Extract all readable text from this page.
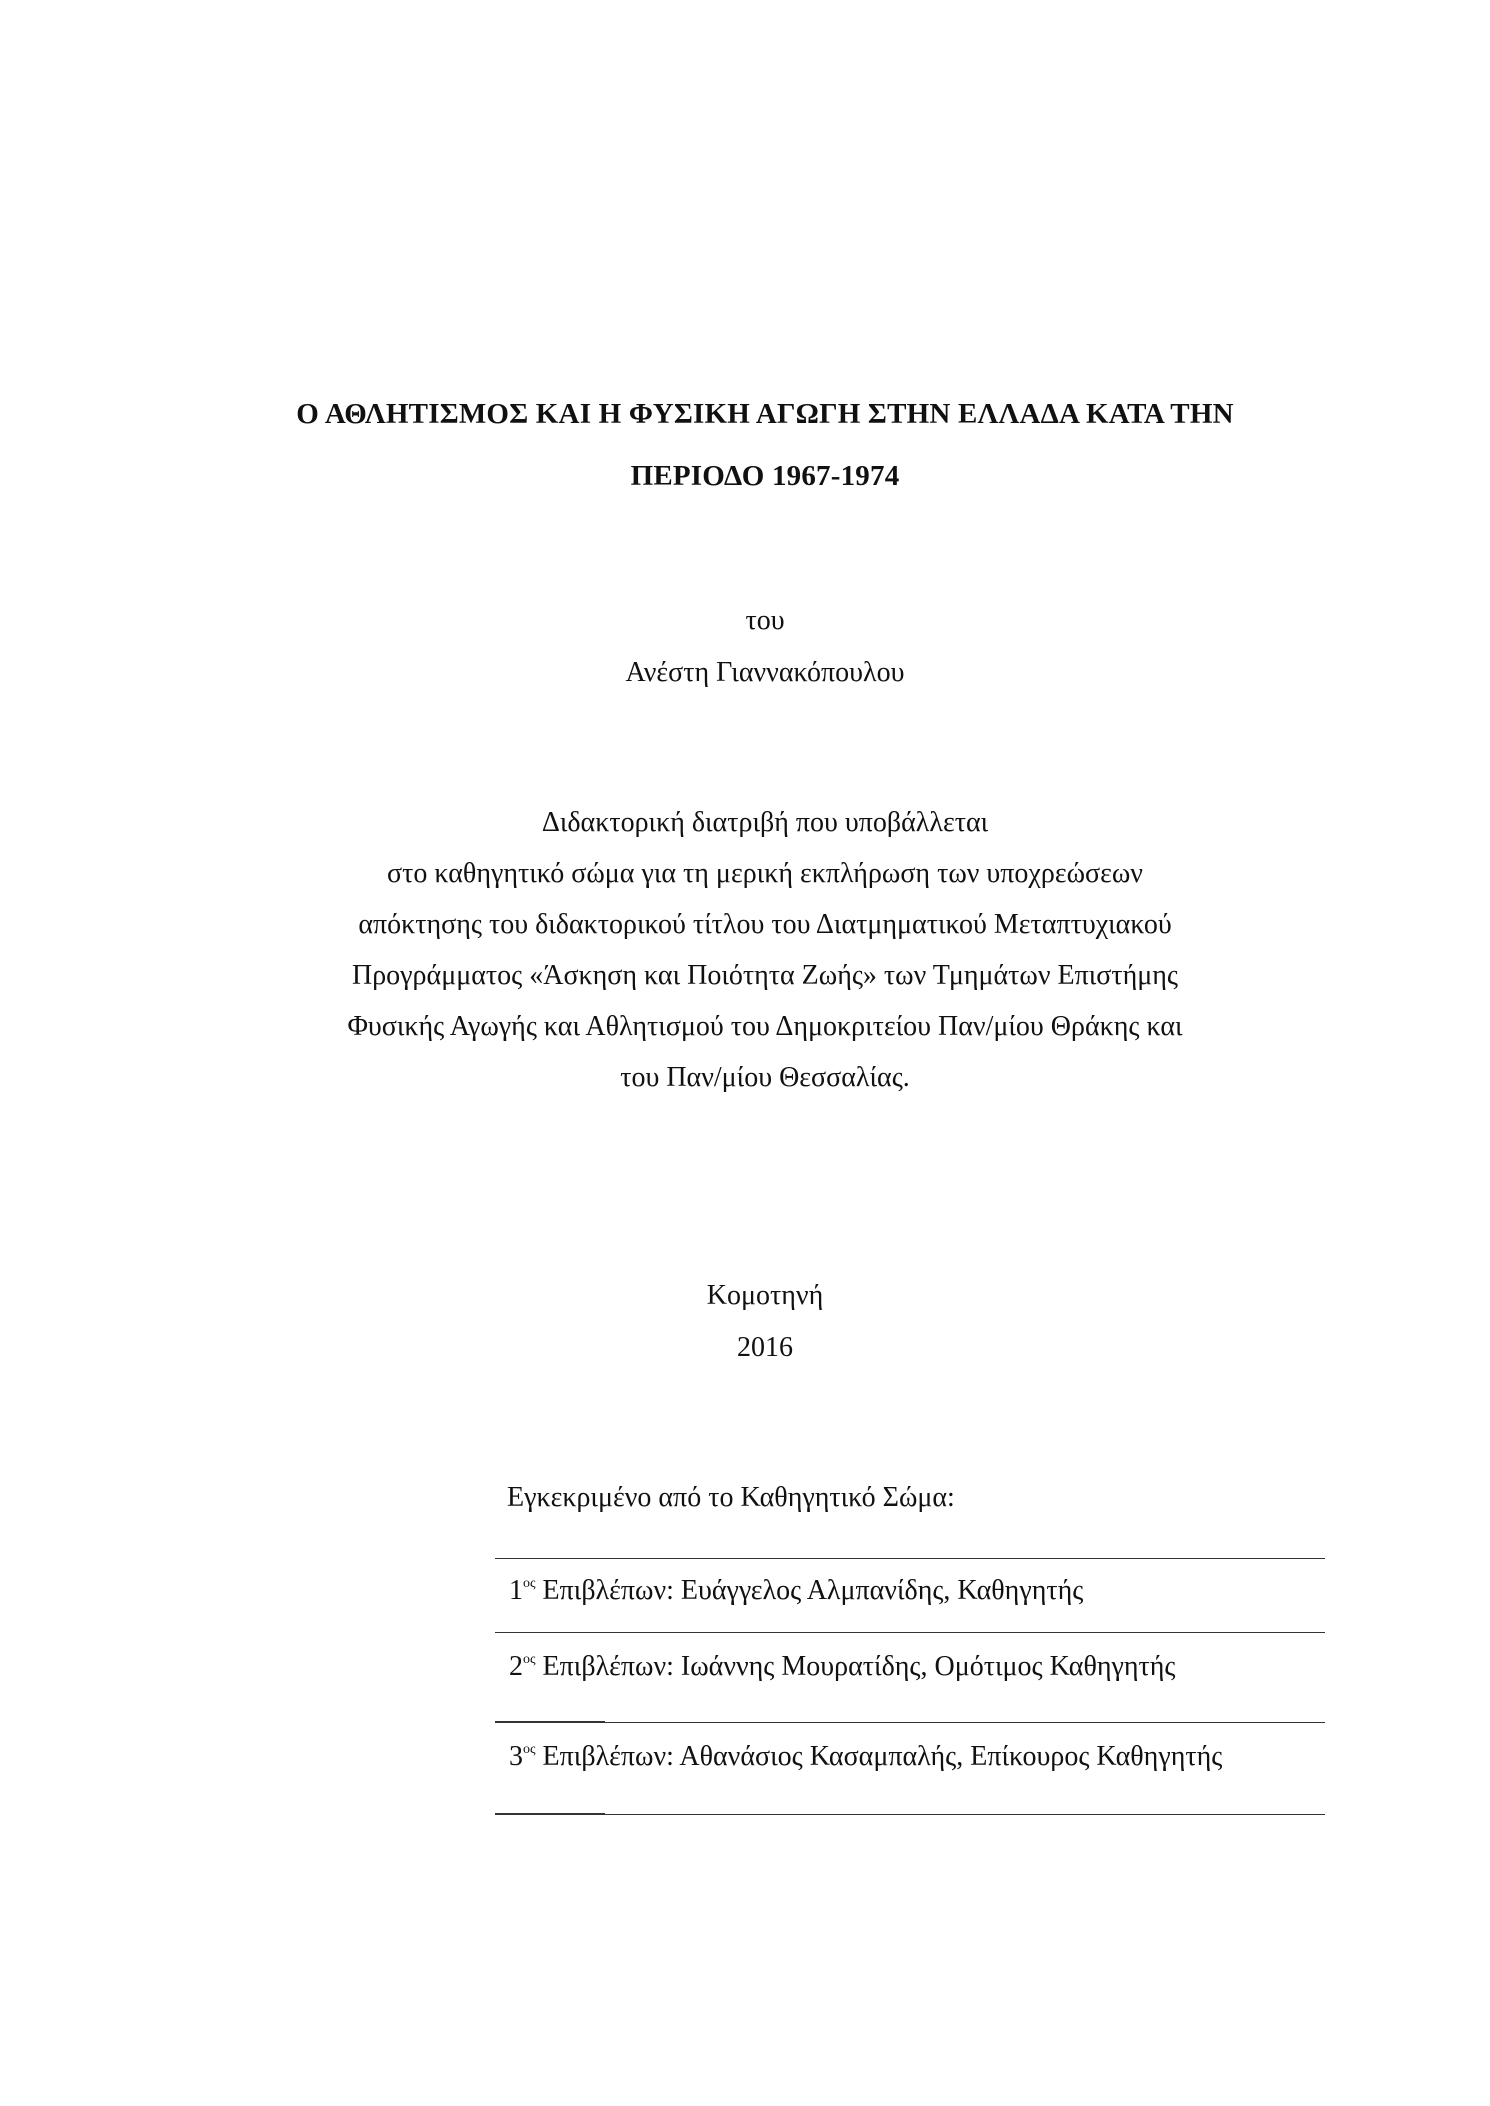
Ο ΑΘΛΗΤΙΣΜΟΣ ΚΑΙ Η ΦΥΣΙΚΗ ΑΓΩΓΗ ΣΤΗΝ ΕΛΛΑΔΑ ΚΑΤΑ ΤΗΝ
ΠΕΡΙΟΔΟ 1967-1974
του
Ανέστη Γιαννακόπουλου
Διδακτορική διατριβή που υποβάλλεται
στο καθηγητικό σώμα για τη μερική εκπλήρωση των υποχρεώσεων
απόκτησης του διδακτορικού τίτλου του Διατμηματικού Μεταπτυχιακού
Προγράμματος «Άσκηση και Ποιότητα Ζωής» των Τμημάτων Επιστήμης
Φυσικής Αγωγής και Αθλητισμού του Δημοκριτείου Παν/μίου Θράκης και
του Παν/μίου Θεσσαλίας.
Κομοτηνή
2016
Εγκεκριμένο από το Καθηγητικό Σώμα:
$1^{o\varsigma}$ Επιβλέπων: Ευάγγελος Αλμπανίδης, Καθηγητής
$2^{o\varsigma}$ Επιβλέπων: Ιωάννης Μουρατίδης, Ομότιμος Καθηγητής
$3^{o\varsigma}$ Επιβλέπων: Αθανάσιος Κασαμπαλής, Επίκουρος Καθηγητής
